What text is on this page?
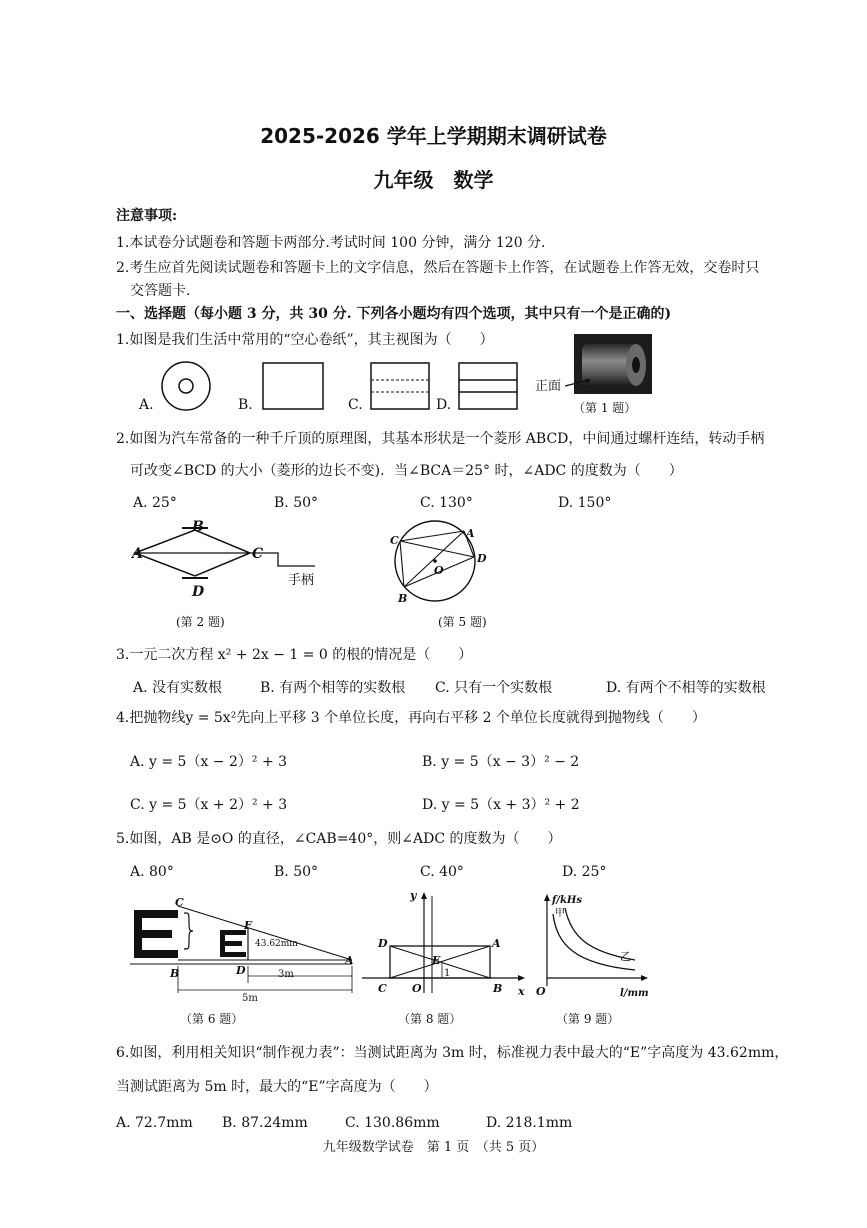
2025-2026 学年上学期期末调研试卷
九年级　数学
注意事项:
1.本试卷分试题卷和答题卡两部分.考试时间 100 分钟，满分 120 分.
2.考生应首先阅读试题卷和答题卡上的文字信息，然后在答题卡上作答，在试题卷上作答无效，交卷时只
交答题卡.
一、选择题（每小题 3 分，共 30 分. 下列各小题均有四个选项，其中只有一个是正确的)
1.如图是我们生活中常用的“空心卷纸”，其主视图为（　　）
A.	B.	C.	D.
正面
（第 1 题）
2.如图为汽车常备的一种千斤顶的原理图，其基本形状是一个菱形 ABCD，中间通过螺杆连结，转动手柄
可改变∠BCD 的大小（菱形的边长不变)．当∠BCA＝25° 时，∠ADC 的度数为（　　）
A. 25°	B. 50°	C. 130°	D. 150°
A
B
C
D
手柄
(第 2 题)
C
A
D
B
O
(第 5 题)
3.一元二次方程 x² + 2x − 1 = 0 的根的情况是（　　）
A. 没有实数根	B. 有两个相等的实数根 C. 只有一个实数根	D. 有两个不相等的实数根
4.把抛物线y = 5x²先向上平移 3 个单位长度，再向右平移 2 个单位长度就得到抛物线（　　）
A. y = 5（x − 2）² + 3	B. y = 5（x − 3）² − 2
C. y = 5（x + 2）² + 3	D. y = 5（x + 3）² + 2
5.如图，AB 是⊙O 的直径，∠CAB=40°，则∠ADC 的度数为（　　）
A. 80°	B. 50°	C. 40°	D. 25°
C
F
43.62mm
B	D
A
3m
5m
（第 6 题）
y
x
D	A
E
C O	B
1
（第 8 题）
f/kHs
甲
乙
O	l/mm
（第 9 题）
6.如图，利用相关知识“制作视力表”：当测试距离为 3m 时，标准视力表中最大的“E”字高度为 43.62mm，
当测试距离为 5m 时，最大的“E”字高度为（　　）
A. 72.7mm B. 87.24mm	C. 130.86mm	D. 218.1mm
九年级数学试卷　第 1 页　（共 5 页）
